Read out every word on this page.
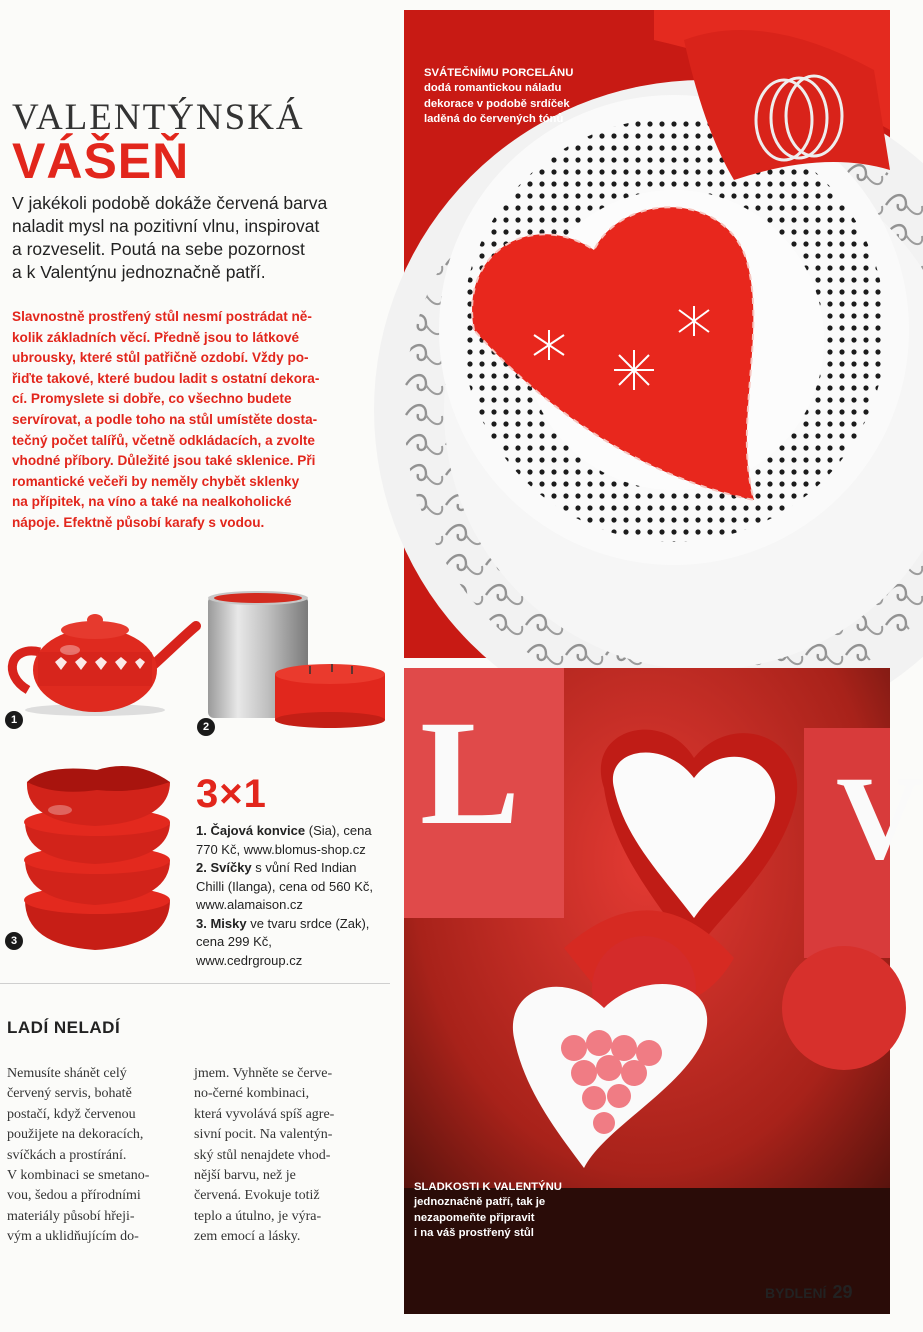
VALENTÝNSKÁ
VÁŠEŇ
V jakékoli podobě dokáže červená barva
naladit mysl na pozitivní vlnu, inspirovat
a rozveselit. Poutá na sebe pozornost
a k Valentýnu jednoznačně patří.
Slavnostně prostřený stůl nesmí postrádat ně-
kolik základních věcí. Předně jsou to látkové
ubrousky, které stůl patřičně ozdobí. Vždy po-
řiďte takové, které budou ladit s ostatní dekora-
cí. Promyslete si dobře, co všechno budete
servírovat, a podle toho na stůl umístěte dosta-
tečný počet talířů, včetně odkládacích, a zvolte
vhodné příbory. Důležité jsou také sklenice. Při
romantické večeři by neměly chybět sklenky
na přípitek, na víno a také na nealkoholické
nápoje. Efektně působí karafy s vodou.
1
2
3
3×1
1. Čajová konvice (Sia), cena
770 Kč, www.blomus-shop.cz
2. Svíčky s vůní Red Indian
Chilli (Ilanga), cena od 560 Kč,
www.alamaison.cz
3. Misky ve tvaru srdce (Zak),
cena 299 Kč,
www.cedrgroup.cz
LADÍ NELADÍ
Nemusíte shánět celý
červený servis, bohatě
postačí, když červenou
použijete na dekoracích,
svíčkách a prostírání.
V kombinaci se smetano-
vou, šedou a přírodními
materiály působí hřeji-
vým a uklidňujícím do-
jmem. Vyhněte se červe-
no-černé kombinaci,
která vyvolává spíš agre-
sivní pocit. Na valentýn-
ský stůl nenajdete vhod-
nější barvu, než je
červená. Evokuje totiž
teplo a útulno, je výra-
zem emocí a lásky.
SVÁTEČNÍMU PORCELÁNU
dodá romantickou náladu
dekorace v podobě srdíček
laděná do červených tónů
L	V
SLADKOSTI K VALENTÝNU
jednoznačně patří, tak je
nezapomeňte připravit
i na váš prostřený stůl
BYDLENÍ 29
